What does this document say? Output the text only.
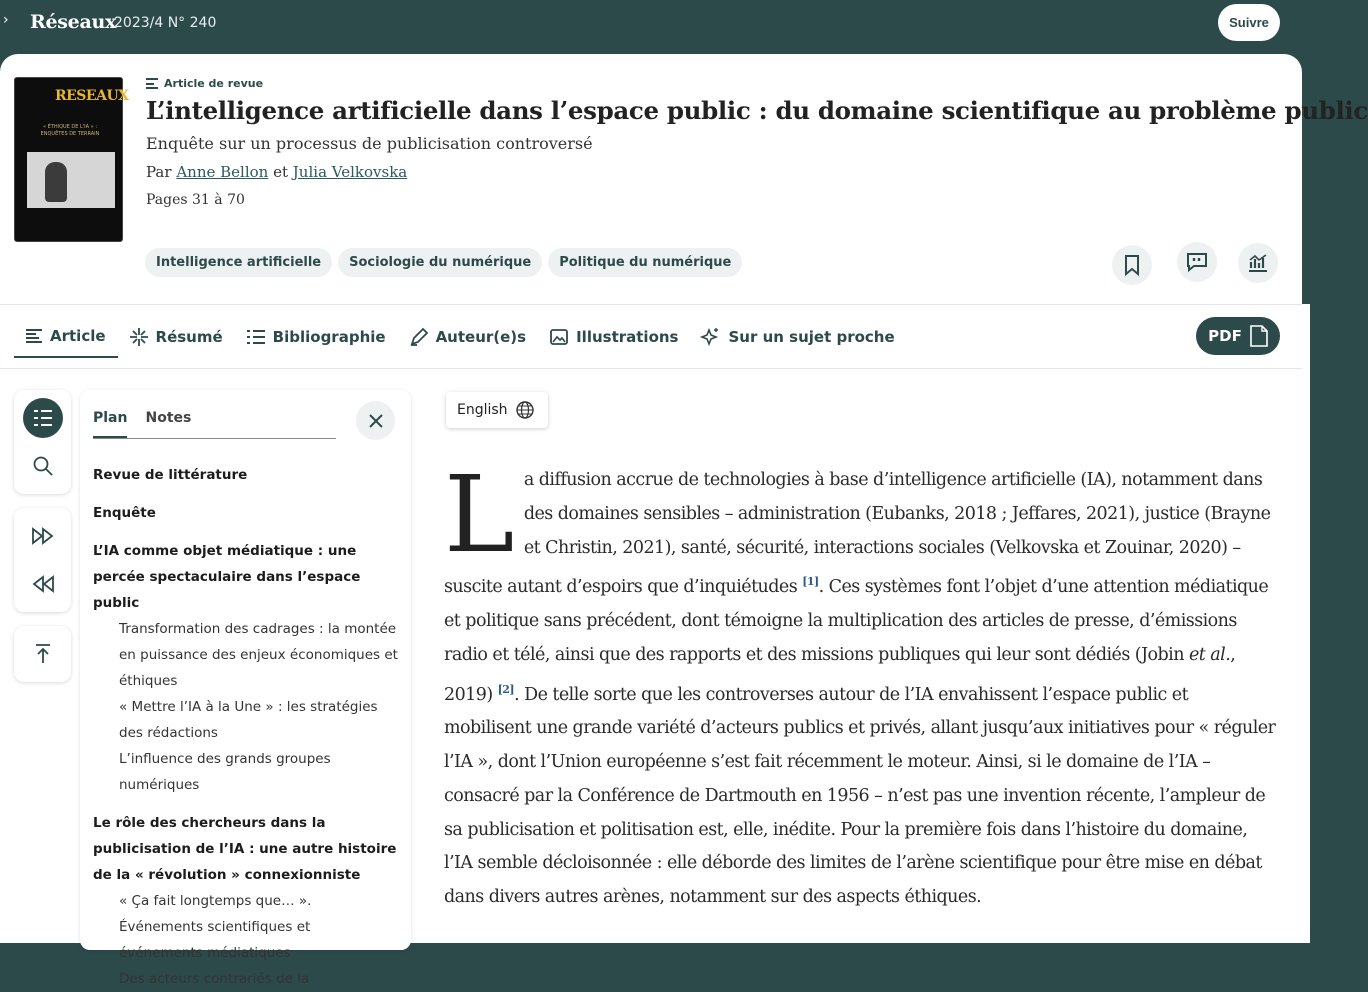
› Réseaux
2023/4 N° 240	Suivre
RESEAUX
« ÉTHIQUE DE L'IA » : ENQUÊTES DE TERRAIN
Article de revue
L’intelligence artificielle dans l’espace public : du domaine scientifique au problème public
Enquête sur un processus de publicisation controversé
Par Anne Bellon et Julia Velkovska
Pages 31 à 70
Intelligence artificielle	Sociologie du numérique	Politique du numérique
Article	Résumé	Bibliographie	Auteur(e)s	Illustrations	Sur un sujet proche	PDF
Plan Notes
Revue de littérature
Enquête
L’IA comme objet médiatique : une percée spectaculaire dans l’espace public
Transformation des cadrages : la montée en puissance des enjeux économiques et éthiques
« Mettre l’IA à la Une » : les stratégies des rédactions
L’influence des grands groupes numériques
Le rôle des chercheurs dans la publicisation de l’IA : une autre histoire de la « révolution » connexionniste
« Ça fait longtemps que… ». Événements scientifiques et événements médiatiques
Des acteurs contrariés de la
English
La diffusion accrue de technologies à base d’intelligence artificielle (IA), notamment dans des domaines sensibles – administration (Eubanks, 2018 ; Jeffares, 2021), justice (Brayne et Christin, 2021), santé, sécurité, interactions sociales (Velkovska et Zouinar, 2020) – suscite autant d’espoirs que d’inquiétudes [1]. Ces systèmes font l’objet d’une attention médiatique et politique sans précédent, dont témoigne la multiplication des articles de presse, d’émissions radio et télé, ainsi que des rapports et des missions publiques qui leur sont dédiés (Jobin et al., 2019) [2]. De telle sorte que les controverses autour de l’IA envahissent l’espace public et mobilisent une grande variété d’acteurs publics et privés, allant jusqu’aux initiatives pour « réguler l’IA », dont l’Union européenne s’est fait récemment le moteur. Ainsi, si le domaine de l’IA – consacré par la Conférence de Dartmouth en 1956 – n’est pas une invention récente, l’ampleur de sa publicisation et politisation est, elle, inédite. Pour la première fois dans l’histoire du domaine, l’IA semble décloisonnée : elle déborde des limites de l’arène scientifique pour être mise en débat dans divers autres arènes, notamment sur des aspects éthiques.
